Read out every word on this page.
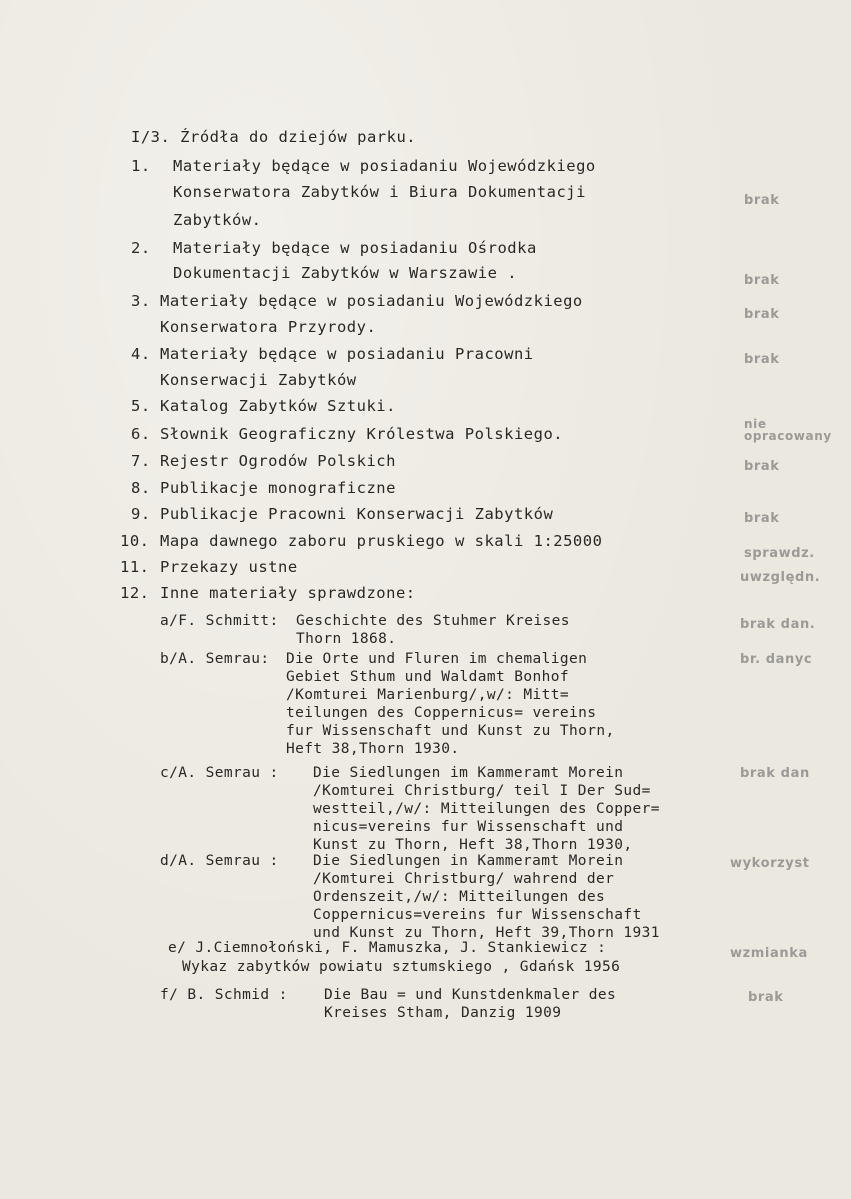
I/3. Źródła do dziejów parku.
1. Materiały będące w posiadaniu Wojewódzkiego
Konserwatora Zabytków i Biura Dokumentacji
Zabytków.
2. Materiały będące w posiadaniu Ośrodka
Dokumentacji Zabytków w Warszawie .
3. Materiały będące w posiadaniu Wojewódzkiego
Konserwatora Przyrody.
4. Materiały będące w posiadaniu Pracowni
Konserwacji Zabytków
5. Katalog Zabytków Sztuki.
6. Słownik Geograficzny Królestwa Polskiego.
7. Rejestr Ogrodów Polskich
8. Publikacje monograficzne
9. Publikacje Pracowni Konserwacji Zabytków
10. Mapa dawnego zaboru pruskiego w skali 1:25000
11. Przekazy ustne
12. Inne materiały sprawdzone:
a/F. Schmitt: Geschichte des Stuhmer Kreises
Thorn 1868.
b/A. Semrau: Die Orte und Fluren im chemaligen
Gebiet Sthum und Waldamt Bonhof
/Komturei Marienburg/,w/: Mitt=
teilungen des Coppernicus= vereins
fur Wissenschaft und Kunst zu Thorn,
Heft 38,Thorn 1930.
c/A. Semrau : Die Siedlungen im Kammeramt Morein
/Komturei Christburg/ teil I Der Sud=
westteil,/w/: Mitteilungen des Copper=
nicus=vereins fur Wissenschaft und
Kunst zu Thorn, Heft 38,Thorn 1930,
d/A. Semrau : Die Siedlungen in Kammeramt Morein
/Komturei Christburg/ wahrend der
Ordenszeit,/w/: Mitteilungen des
Coppernicus=vereins fur Wissenschaft
und Kunst zu Thorn, Heft 39,Thorn 1931
e/ J.Ciemnołoński, F. Mamuszka, J. Stankiewicz :
Wykaz zabytków powiatu sztumskiego , Gdańsk 1956
f/ B. Schmid : Die Bau = und Kunstdenkmaler des
Kreises Stham, Danzig 1909
brak
brak
brak
brak
nie opracowany
brak
brak
sprawdz.
uwzględn.
brak dan.
br. danyc
brak dan
wykorzyst
wzmianka
brak
